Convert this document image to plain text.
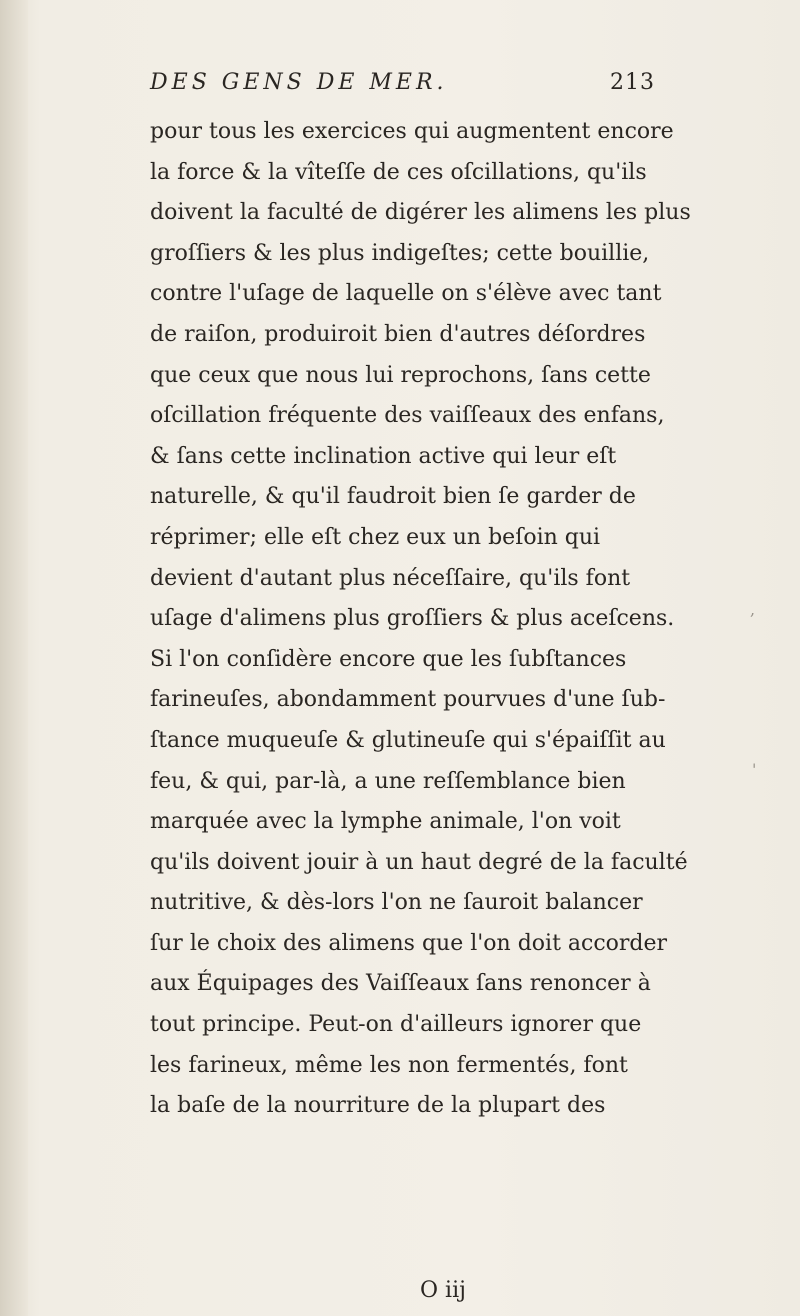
DES GENS DE MER.	213
pour tous les exercices qui augmentent encore
la force & la vîteſſe de ces oſcillations, qu'ils
doivent la faculté de digérer les alimens les plus
groſſiers & les plus indigeſtes; cette bouillie,
contre l'uſage de laquelle on s'élève avec tant
de raiſon, produiroit bien d'autres déſordres
que ceux que nous lui reprochons, ſans cette
oſcillation fréquente des vaiſſeaux des enfans,
& ſans cette inclination active qui leur eſt
naturelle, & qu'il faudroit bien ſe garder de
réprimer; elle eſt chez eux un beſoin qui
devient d'autant plus néceſſaire, qu'ils font
uſage d'alimens plus groſſiers & plus aceſcens.
Si l'on conſidère encore que les ſubſtances
farineuſes, abondamment pourvues d'une ſub-
ſtance muqueuſe & glutineuſe qui s'épaiſſit au
feu, & qui, par-là, a une reſſemblance bien
marquée avec la lymphe animale, l'on voit
qu'ils doivent jouir à un haut degré de la faculté
nutritive, & dès-lors l'on ne ſauroit balancer
ſur le choix des alimens que l'on doit accorder
aux Équipages des Vaiſſeaux ſans renoncer à
tout principe. Peut-on d'ailleurs ignorer que
les farineux, même les non fermentés, font
la baſe de la nourriture de la plupart des
O iij
,
'
